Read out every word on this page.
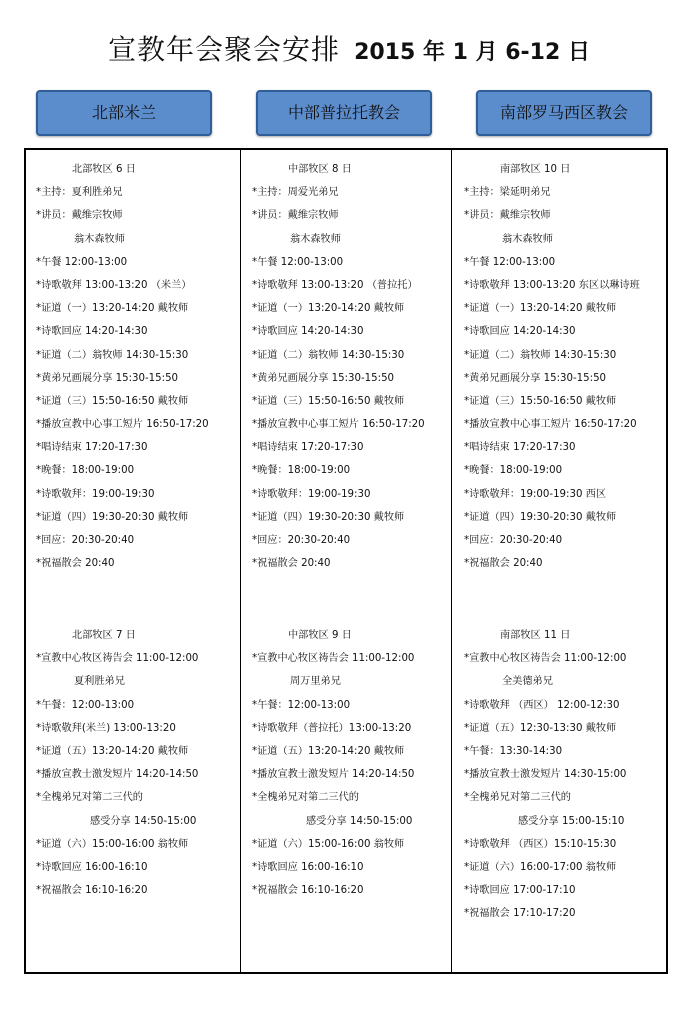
宣教年会聚会安排 2015 年 1 月 6-12 日
北部米兰	中部普拉托教会	南部罗马西区教会
北部牧区 6 日
*主持：夏利胜弟兄
*讲员：戴维宗牧师
翁木森牧师
*午餐 12:00-13:00
*诗歌敬拜 13:00-13:20 （米兰）
*证道（一）13:20-14:20 戴牧师
*诗歌回应 14:20-14:30
*证道（二）翁牧师 14:30-15:30
*黄弟兄画展分享 15:30-15:50
*证道（三）15:50-16:50 戴牧师
*播放宣教中心事工短片 16:50-17:20
*唱诗结束 17:20-17:30
*晚餐：18:00-19:00
*诗歌敬拜：19:00-19:30
*证道（四）19:30-20:30 戴牧师
*回应：20:30-20:40
*祝福散会 20:40
北部牧区 7 日
*宣教中心牧区祷告会 11:00-12:00
夏利胜弟兄
*午餐：12:00-13:00
*诗歌敬拜(米兰) 13:00-13:20
*证道（五）13:20-14:20 戴牧师
*播放宣教士激发短片 14:20-14:50
*全槐弟兄对第二三代的
感受分享 14:50-15:00
*证道（六）15:00-16:00 翁牧师
*诗歌回应 16:00-16:10
*祝福散会 16:10-16:20
中部牧区 8 日
*主持：周爱光弟兄
*讲员：戴维宗牧师
翁木森牧师
*午餐 12:00-13:00
*诗歌敬拜 13:00-13:20 （普拉托）
*证道（一）13:20-14:20 戴牧师
*诗歌回应 14:20-14:30
*证道（二）翁牧师 14:30-15:30
*黄弟兄画展分享 15:30-15:50
*证道（三）15:50-16:50 戴牧师
*播放宣教中心事工短片 16:50-17:20
*唱诗结束 17:20-17:30
*晚餐：18:00-19:00
*诗歌敬拜：19:00-19:30
*证道（四）19:30-20:30 戴牧师
*回应：20:30-20:40
*祝福散会 20:40
中部牧区 9 日
*宣教中心牧区祷告会 11:00-12:00
周万里弟兄
*午餐：12:00-13:00
*诗歌敬拜（普拉托）13:00-13:20
*证道（五）13:20-14:20 戴牧师
*播放宣教士激发短片 14:20-14:50
*全槐弟兄对第二三代的
感受分享 14:50-15:00
*证道（六）15:00-16:00 翁牧师
*诗歌回应 16:00-16:10
*祝福散会 16:10-16:20
南部牧区 10 日
*主持：梁延明弟兄
*讲员：戴维宗牧师
翁木森牧师
*午餐 12:00-13:00
*诗歌敬拜 13:00-13:20 东区以琳诗班
*证道（一）13:20-14:20 戴牧师
*诗歌回应 14:20-14:30
*证道（二）翁牧师 14:30-15:30
*黄弟兄画展分享 15:30-15:50
*证道（三）15:50-16:50 戴牧师
*播放宣教中心事工短片 16:50-17:20
*唱诗结束 17:20-17:30
*晚餐：18:00-19:00
*诗歌敬拜：19:00-19:30 西区
*证道（四）19:30-20:30 戴牧师
*回应：20:30-20:40
*祝福散会 20:40
南部牧区 11 日
*宣教中心牧区祷告会 11:00-12:00
全美德弟兄
*诗歌敬拜 （西区） 12:00-12:30
*证道（五）12:30-13:30 戴牧师
*午餐：13:30-14:30
*播放宣教士激发短片 14:30-15:00
*全槐弟兄对第二三代的
感受分享 15:00-15:10
*诗歌敬拜 （西区）15:10-15:30
*证道（六）16:00-17:00 翁牧师
*诗歌回应 17:00-17:10
*祝福散会 17:10-17:20
